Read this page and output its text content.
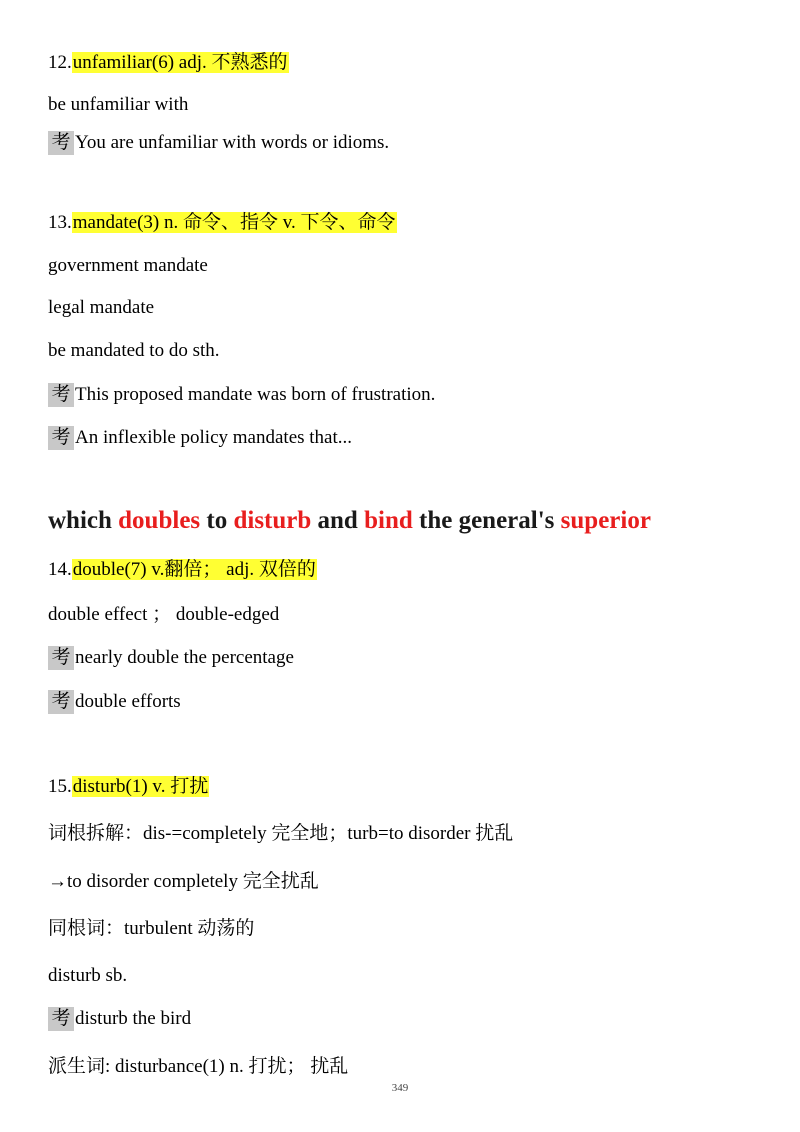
12.unfamiliar(6) adj. 不熟悉的
be unfamiliar with
考 You are unfamiliar with words or idioms.
13.mandate(3) n. 命令、指令 v. 下令、命令
government mandate
legal mandate
be mandated to do sth.
考 This proposed mandate was born of frustration.
考 An inflexible policy mandates that...
which doubles to disturb and bind the general's superior
14.double(7) v.翻倍； adj. 双倍的
double effect ； double-edged
考 nearly double the percentage
考 double efforts
15.disturb(1) v. 打扰
词根拆解：dis-=completely 完全地；turb=to disorder 扰乱
→to disorder completely 完全扰乱
同根词：turbulent 动荡的
disturb sb.
考 disturb the bird
派生词: disturbance(1) n. 打扰； 扰乱
349
